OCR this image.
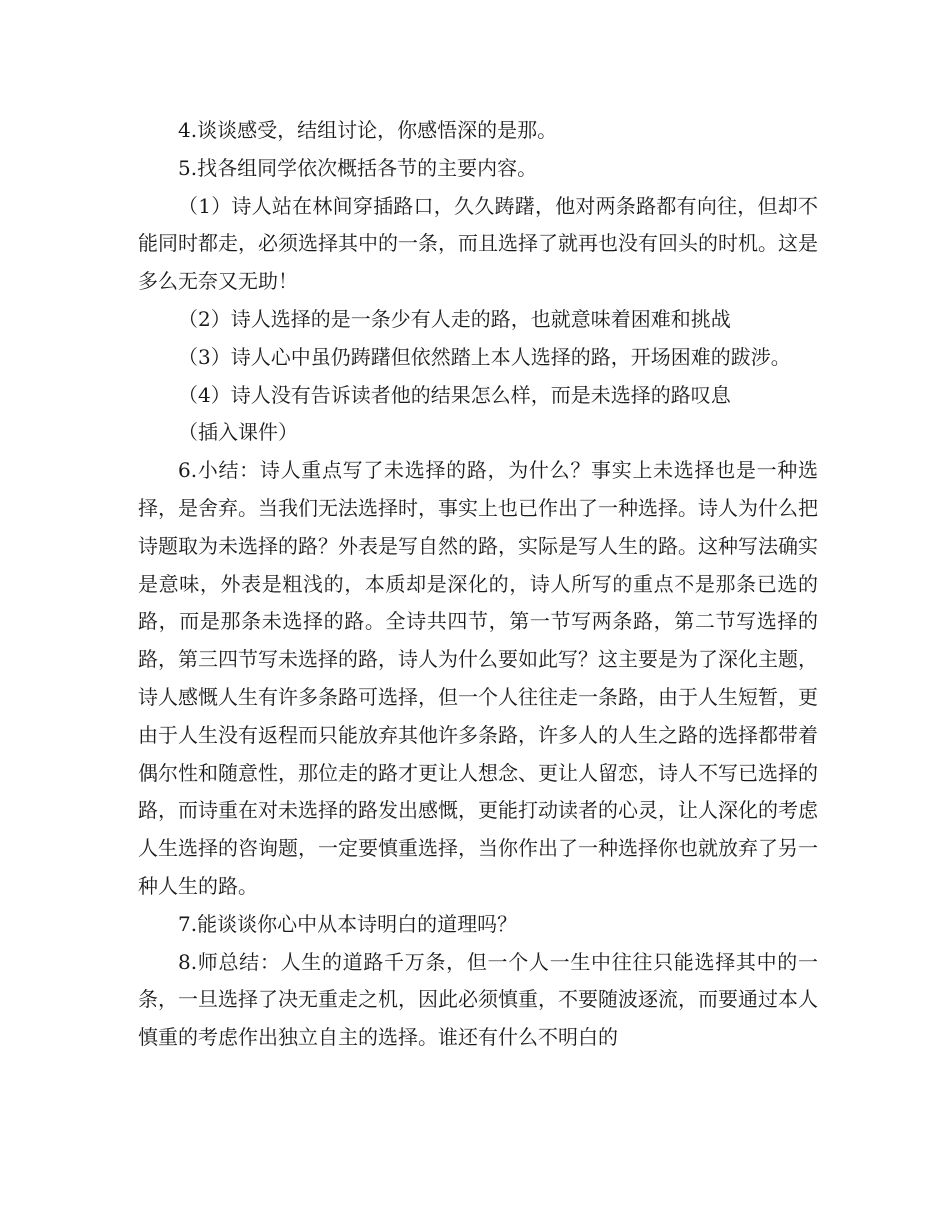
4.谈谈感受，结组讨论，你感悟深的是那。

5.找各组同学依次概括各节的主要内容。

（1）诗人站在林间穿插路口，久久踌躇，他对两条路都有向往，但却不能同时都走，必须选择其中的一条，而且选择了就再也没有回头的时机。这是多么无奈又无助！

（2）诗人选择的是一条少有人走的路，也就意味着困难和挑战

（3）诗人心中虽仍踌躇但依然踏上本人选择的路，开场困难的跋涉。

（4）诗人没有告诉读者他的结果怎么样，而是未选择的路叹息

（插入课件）

6.小结：诗人重点写了未选择的路，为什么？事实上未选择也是一种选择，是舍弃。当我们无法选择时，事实上也已作出了一种选择。诗人为什么把诗题取为未选择的路？外表是写自然的路，实际是写人生的路。这种写法确实是意味，外表是粗浅的，本质却是深化的，诗人所写的重点不是那条已选的路，而是那条未选择的路。全诗共四节，第一节写两条路，第二节写选择的路，第三四节写未选择的路，诗人为什么要如此写？这主要是为了深化主题，诗人感慨人生有许多条路可选择，但一个人往往走一条路，由于人生短暂，更由于人生没有返程而只能放弃其他许多条路，许多人的人生之路的选择都带着偶尔性和随意性，那位走的路才更让人想念、更让人留恋，诗人不写已选择的路，而诗重在对未选择的路发出感慨，更能打动读者的心灵，让人深化的考虑人生选择的咨询题，一定要慎重选择，当你作出了一种选择你也就放弃了另一种人生的路。

7.能谈谈你心中从本诗明白的道理吗？

8.师总结：人生的道路千万条，但一个人一生中往往只能选择其中的一条，一旦选择了决无重走之机，因此必须慎重，不要随波逐流，而要通过本人慎重的考虑作出独立自主的选择。谁还有什么不明白的
